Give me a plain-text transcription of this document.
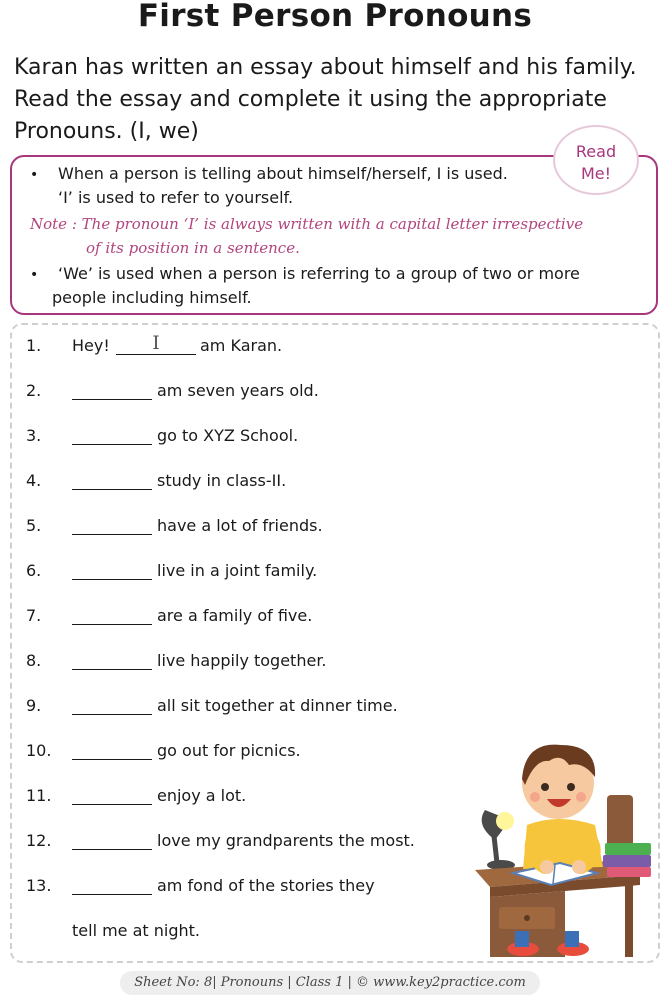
First Person Pronouns
Karan has written an essay about himself and his family.
Read the essay and complete it using the appropriate
Pronouns. (I, we)
• When a person is telling about himself/herself, I is used.
‘I’ is used to refer to yourself.
Note : The pronoun ‘I’ is always written with a capital letter irrespective
of its position in a sentence.
• ‘We’ is used when a person is referring to a group of two or more
people including himself.
Read
Me!
1. Hey!	I	am Karan.
2.	am seven years old.
3.	go to XYZ School.
4.	study in class-II.
5.	have a lot of friends.
6.	live in a joint family.
7.	are a family of five.
8.	live happily together.
9.	all sit together at dinner time.
10.	go out for picnics.
11.	enjoy a lot.
12.	love my grandparents the most.
13.	am fond of the stories they
tell me at night.
Sheet No: 8| Pronouns | Class 1 | © www.key2practice.com
